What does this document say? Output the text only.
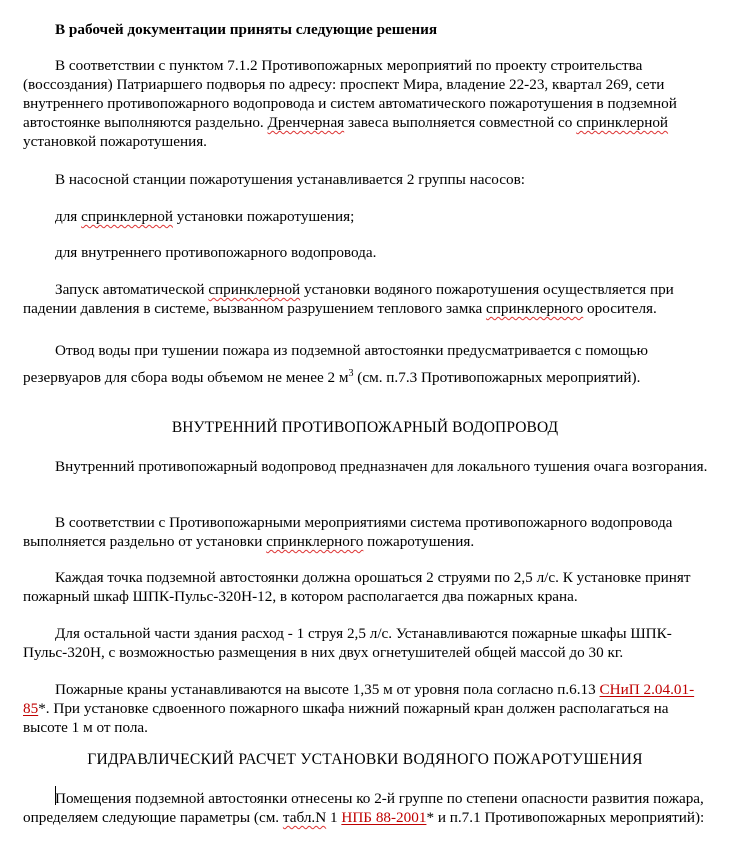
В рабочей документации приняты следующие решения

В соответствии с пунктом 7.1.2 Противопожарных мероприятий по проекту строительства (воссоздания) Патриаршего подворья по адресу: проспект Мира, владение 22-23, квартал 269, сети внутреннего противопожарного водопровода и систем автоматического пожаротушения в подземной автостоянке выполняются раздельно. Дренчерная завеса выполняется совместной со спринклерной установкой пожаротушения.

В насосной станции пожаротушения устанавливается 2 группы насосов:

для спринклерной установки пожаротушения;

для внутреннего противопожарного водопровода.

Запуск автоматической спринклерной установки водяного пожаротушения осуществляется при падении давления в системе, вызванном разрушением теплового замка спринклерного оросителя.

Отвод воды при тушении пожара из подземной автостоянки предусматривается с помощью резервуаров для сбора воды объемом не менее 2 $м^3$ (см. п.7.3 Противопожарных мероприятий).

ВНУТРЕННИЙ ПРОТИВОПОЖАРНЫЙ ВОДОПРОВОД

Внутренний противопожарный водопровод предназначен для локального тушения очага возгорания.

В соответствии с Противопожарными мероприятиями система противопожарного водопровода выполняется раздельно от установки спринклерного пожаротушения.

Каждая точка подземной автостоянки должна орошаться 2 струями по 2,5 л/с. К установке принят пожарный шкаф ШПК-Пульс-320Н-12, в котором располагается два пожарных крана.

Для остальной части здания расход - 1 струя 2,5 л/с. Устанавливаются пожарные шкафы ШПК-Пульс-320Н, с возможностью размещения в них двух огнетушителей общей массой до 30 кг.

Пожарные краны устанавливаются на высоте 1,35 м от уровня пола согласно п.6.13 СНиП 2.04.01-85*. При установке сдвоенного пожарного шкафа нижний пожарный кран должен располагаться на высоте 1 м от пола.

ГИДРАВЛИЧЕСКИЙ РАСЧЕТ УСТАНОВКИ ВОДЯНОГО ПОЖАРОТУШЕНИЯ

Помещения подземной автостоянки отнесены ко 2-й группе по степени опасности развития пожара, определяем следующие параметры (см. табл.N 1 НПБ 88-2001* и п.7.1 Противопожарных мероприятий):
